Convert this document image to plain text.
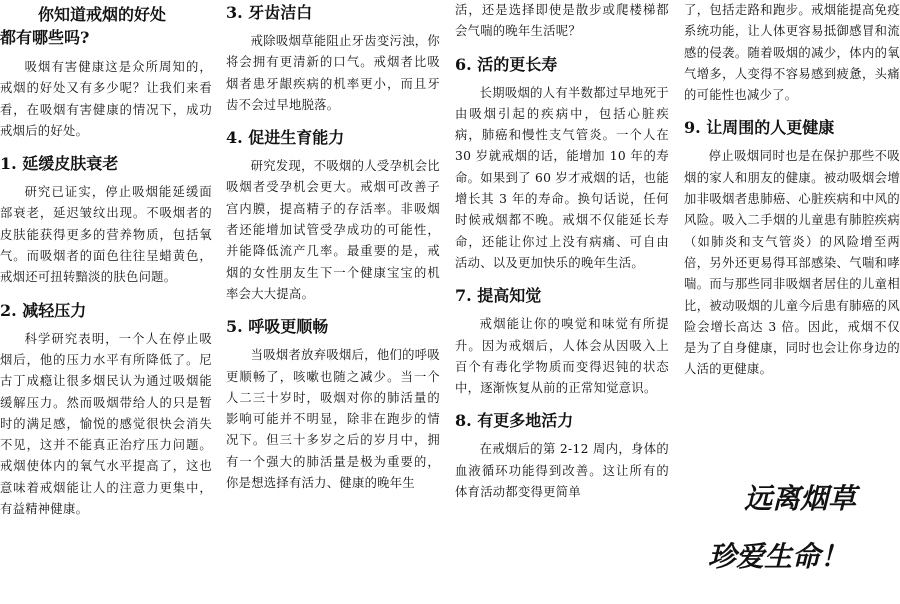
你知道戒烟的好处
都有哪些吗?

吸烟有害健康这是众所周知的，戒烟的好处又有多少呢？让我们来看看，在吸烟有害健康的情况下，成功戒烟后的好处。

1. 延缓皮肤衰老

研究已证实，停止吸烟能延缓面部衰老，延迟皱纹出现。不吸烟者的皮肤能获得更多的营养物质，包括氧气。而吸烟者的面色往往呈蜡黄色，戒烟还可扭转黯淡的肤色问题。

2. 减轻压力

科学研究表明，一个人在停止吸烟后，他的压力水平有所降低了。尼古丁成瘾让很多烟民认为通过吸烟能缓解压力。然而吸烟带给人的只是暂时的满足感，愉悦的感觉很快会消失不见，这并不能真正治疗压力问题。戒烟使体内的氧气水平提高了，这也意味着戒烟能让人的注意力更集中，有益精神健康。

3. 牙齿洁白

戒除吸烟草能阻止牙齿变污浊，你将会拥有更清新的口气。戒烟者比吸烟者患牙龈疾病的机率更小，而且牙齿不会过早地脱落。

4. 促进生育能力

研究发现，不吸烟的人受孕机会比吸烟者受孕机会更大。戒烟可改善子宫内膜，提高精子的存活率。非吸烟者还能增加试管受孕成功的可能性，并能降低流产几率。最重要的是，戒烟的女性朋友生下一个健康宝宝的机率会大大提高。

5. 呼吸更顺畅

当吸烟者放弃吸烟后，他们的呼吸更顺畅了，咳嗽也随之减少。当一个人二三十岁时，吸烟对你的肺活量的影响可能并不明显，除非在跑步的情况下。但三十多岁之后的岁月中，拥有一个强大的肺活量是极为重要的，你是想选择有活力、健康的晚年生

活，还是选择即使是散步或爬楼梯都会气喘的晚年生活呢？

6. 活的更长寿

长期吸烟的人有半数都过早地死于由吸烟引起的疾病中，包括心脏疾病，肺癌和慢性支气管炎。一个人在 30 岁就戒烟的话，能增加 10 年的寿命。如果到了 60 岁才戒烟的话，也能增长其 3 年的寿命。换句话说，任何时候戒烟都不晚。戒烟不仅能延长寿命，还能让你过上没有病痛、可自由活动、以及更加快乐的晚年生活。

7. 提高知觉

戒烟能让你的嗅觉和味觉有所提升。因为戒烟后，人体会从因吸入上百个有毒化学物质而变得迟钝的状态中，逐渐恢复从前的正常知觉意识。

8. 有更多地活力

在戒烟后的第 2-12 周内，身体的血液循环功能得到改善。这让所有的体育活动都变得更简单

了，包括走路和跑步。戒烟能提高免疫系统功能，让人体更容易抵御感冒和流感的侵袭。随着吸烟的减少，体内的氧气增多，人变得不容易感到疲惫，头痛的可能性也减少了。

9. 让周围的人更健康

停止吸烟同时也是在保护那些不吸烟的家人和朋友的健康。被动吸烟会增加非吸烟者患肺癌、心脏疾病和中风的风险。吸入二手烟的儿童患有肺腔疾病（如肺炎和支气管炎）的风险增至两倍，另外还更易得耳部感染、气喘和哮喘。而与那些同非吸烟者居住的儿童相比，被动吸烟的儿童今后患有肺癌的风险会增长高达 3 倍。因此，戒烟不仅是为了自身健康，同时也会让你身边的人活的更健康。

远离烟草
珍爱生命！
